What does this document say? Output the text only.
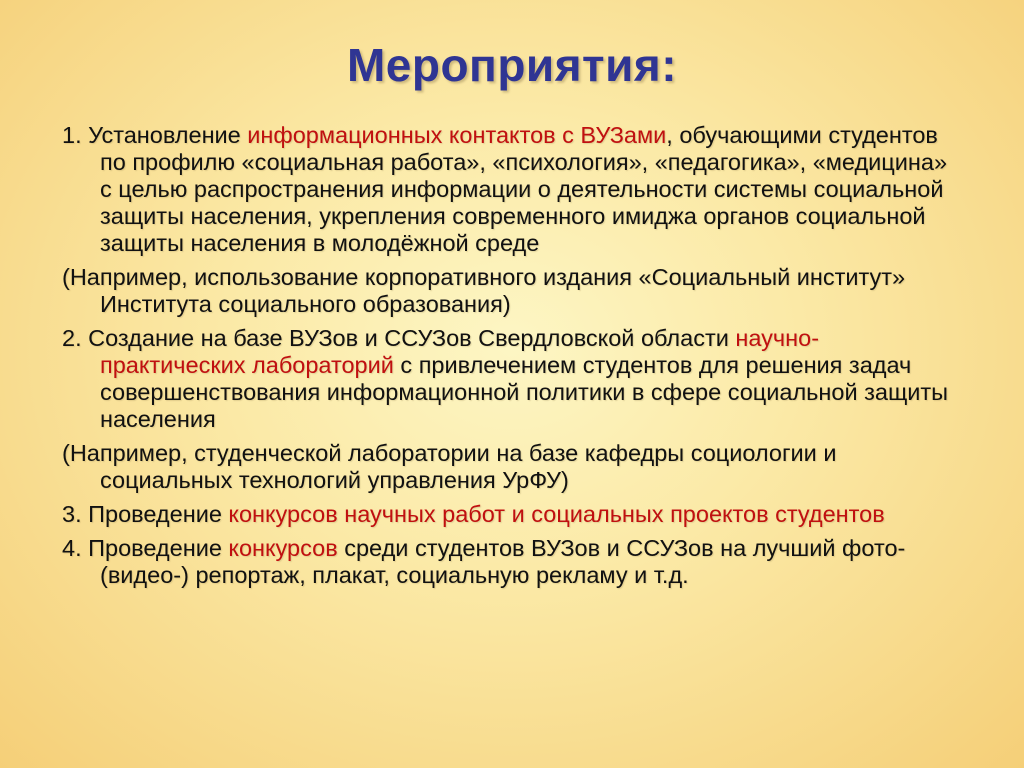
Мероприятия:

1. Установление информационных контактов с ВУЗами, обучающими студентов по профилю «социальная работа», «психология», «педагогика», «медицина» с целью распространения информации о деятельности системы социальной защиты населения, укрепления современного имиджа органов социальной защиты населения в молодёжной среде

(Например, использование корпоративного издания «Социальный институт» Института социального образования)

2. Создание на базе ВУЗов и ССУЗов Свердловской области научно-практических лабораторий с привлечением студентов для решения задач совершенствования информационной политики в сфере социальной защиты населения

(Например, студенческой лаборатории на базе кафедры социологии и социальных технологий управления УрФУ)

3. Проведение конкурсов научных работ и социальных проектов студентов

4. Проведение конкурсов среди студентов ВУЗов и ССУЗов на лучший фото-(видео-) репортаж, плакат, социальную рекламу и т.д.
